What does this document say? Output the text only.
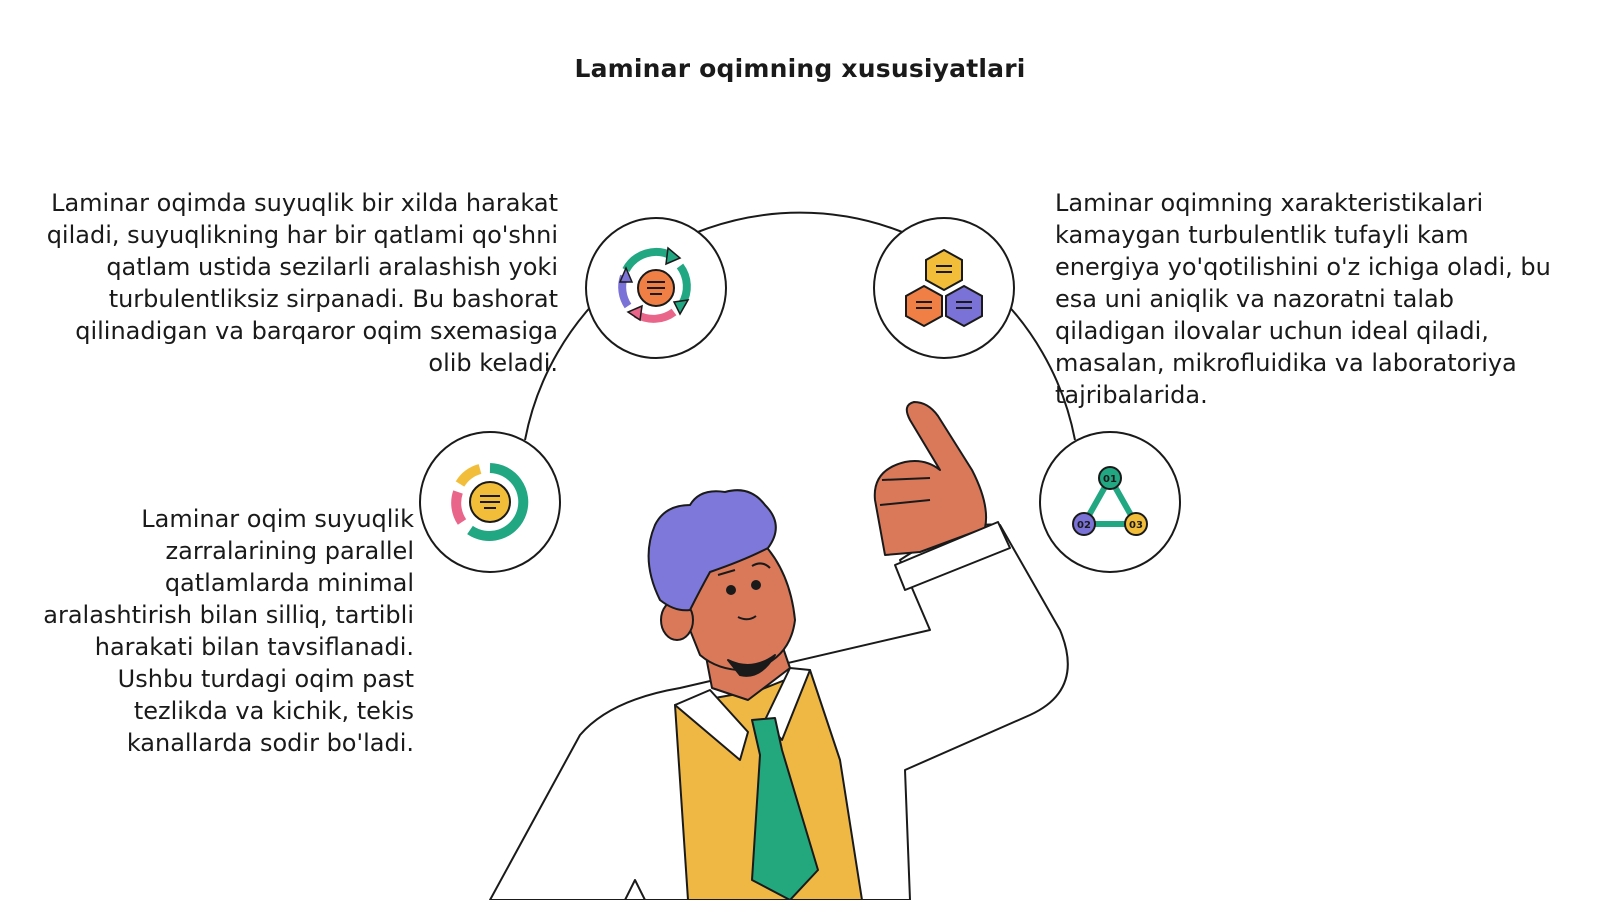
Laminar oqimning xususiyatlari

Laminar oqimda suyuqlik bir xilda harakat qiladi, suyuqlikning har bir qatlami qo'shni qatlam ustida sezilarli aralashish yoki turbulentliksiz sirpanadi. Bu bashorat qilinadigan va barqaror oqim sxemasiga olib keladi.

Laminar oqim suyuqlik zarralarining parallel qatlamlarda minimal aralashtirish bilan silliq, tartibli harakati bilan tavsiflanadi. Ushbu turdagi oqim past tezlikda va kichik, tekis kanallarda sodir bo'ladi.

Laminar oqimning xarakteristikalari kamaygan turbulentlik tufayli kam energiya yo'qotilishini o'z ichiga oladi, bu esa uni aniqlik va nazoratni talab qiladigan ilovalar uchun ideal qiladi, masalan, mikrofluidika va laboratoriya tajribalarida.

01
02	03
